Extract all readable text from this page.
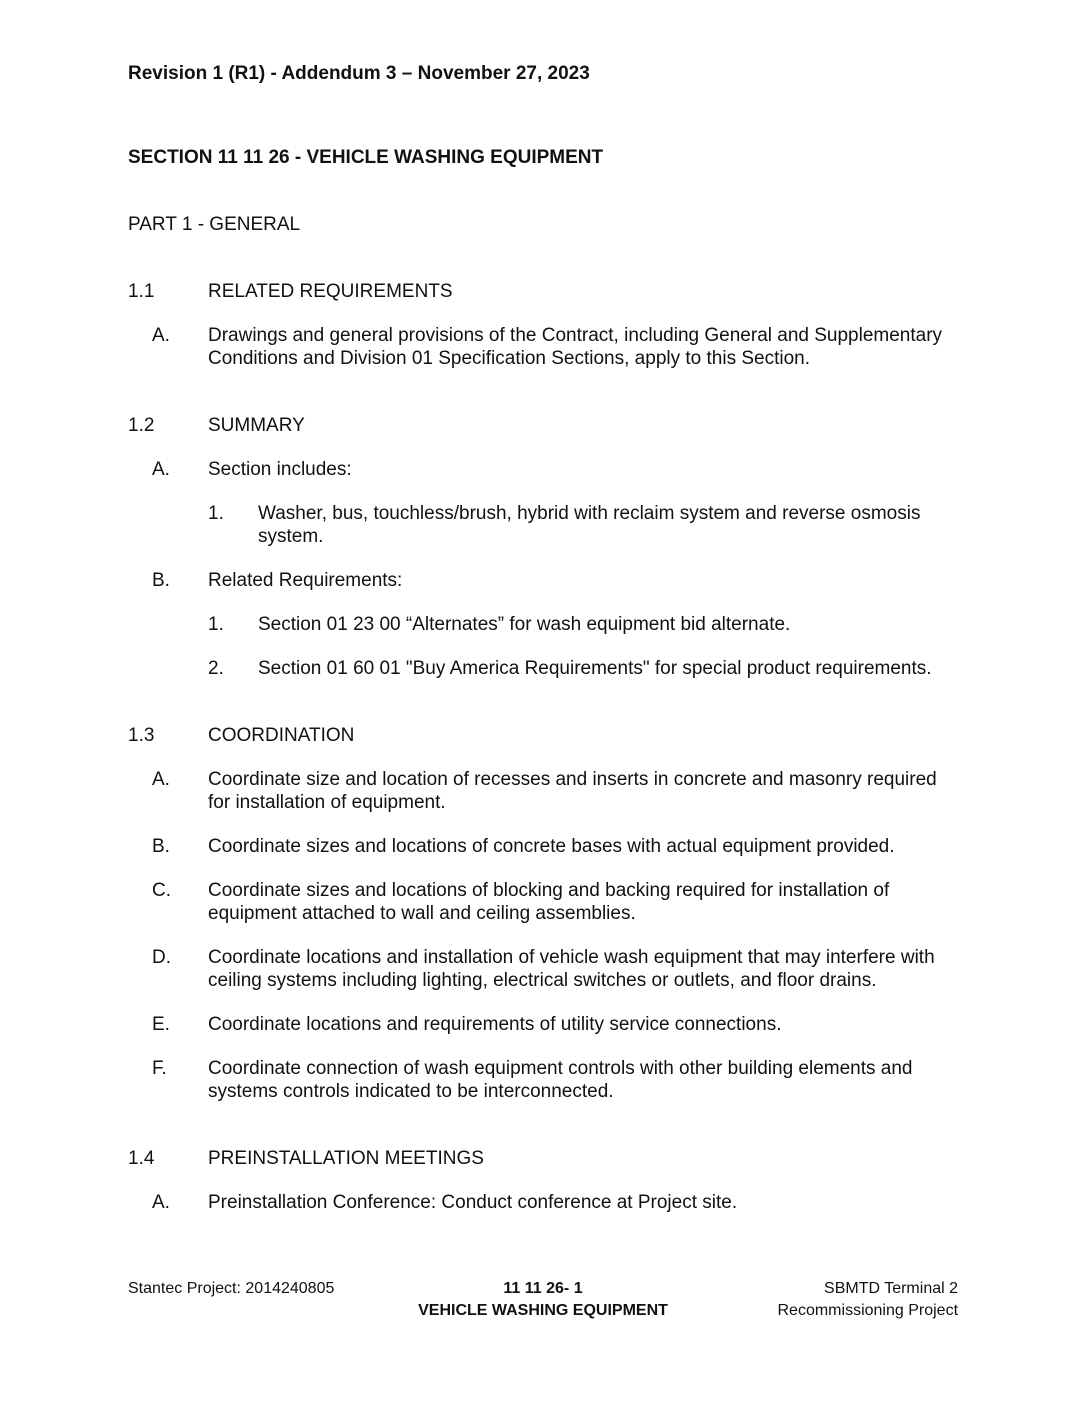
Revision 1 (R1) - Addendum 3 – November 27, 2023
SECTION 11 11 26 - VEHICLE WASHING EQUIPMENT
PART 1 - GENERAL
1.1	RELATED REQUIREMENTS
A.	Drawings and general provisions of the Contract, including General and Supplementary Conditions and Division 01 Specification Sections, apply to this Section.
1.2	SUMMARY
A.	Section includes:
1.	Washer, bus, touchless/brush, hybrid with reclaim system and reverse osmosis system.
B.	Related Requirements:
1.	Section 01 23 00 “Alternates” for wash equipment bid alternate.
2.	Section 01 60 01 "Buy America Requirements" for special product requirements.
1.3	COORDINATION
A.	Coordinate size and location of recesses and inserts in concrete and masonry required for installation of equipment.
B.	Coordinate sizes and locations of concrete bases with actual equipment provided.
C.	Coordinate sizes and locations of blocking and backing required for installation of equipment attached to wall and ceiling assemblies.
D.	Coordinate locations and installation of vehicle wash equipment that may interfere with ceiling systems including lighting, electrical switches or outlets, and floor drains.
E.	Coordinate locations and requirements of utility service connections.
F.	Coordinate connection of wash equipment controls with other building elements and systems controls indicated to be interconnected.
1.4	PREINSTALLATION MEETINGS
A.	Preinstallation Conference: Conduct conference at Project site.
Stantec Project: 2014240805	11 11 26- 1
VEHICLE WASHING EQUIPMENT
SBMTD Terminal 2
Recommissioning Project
